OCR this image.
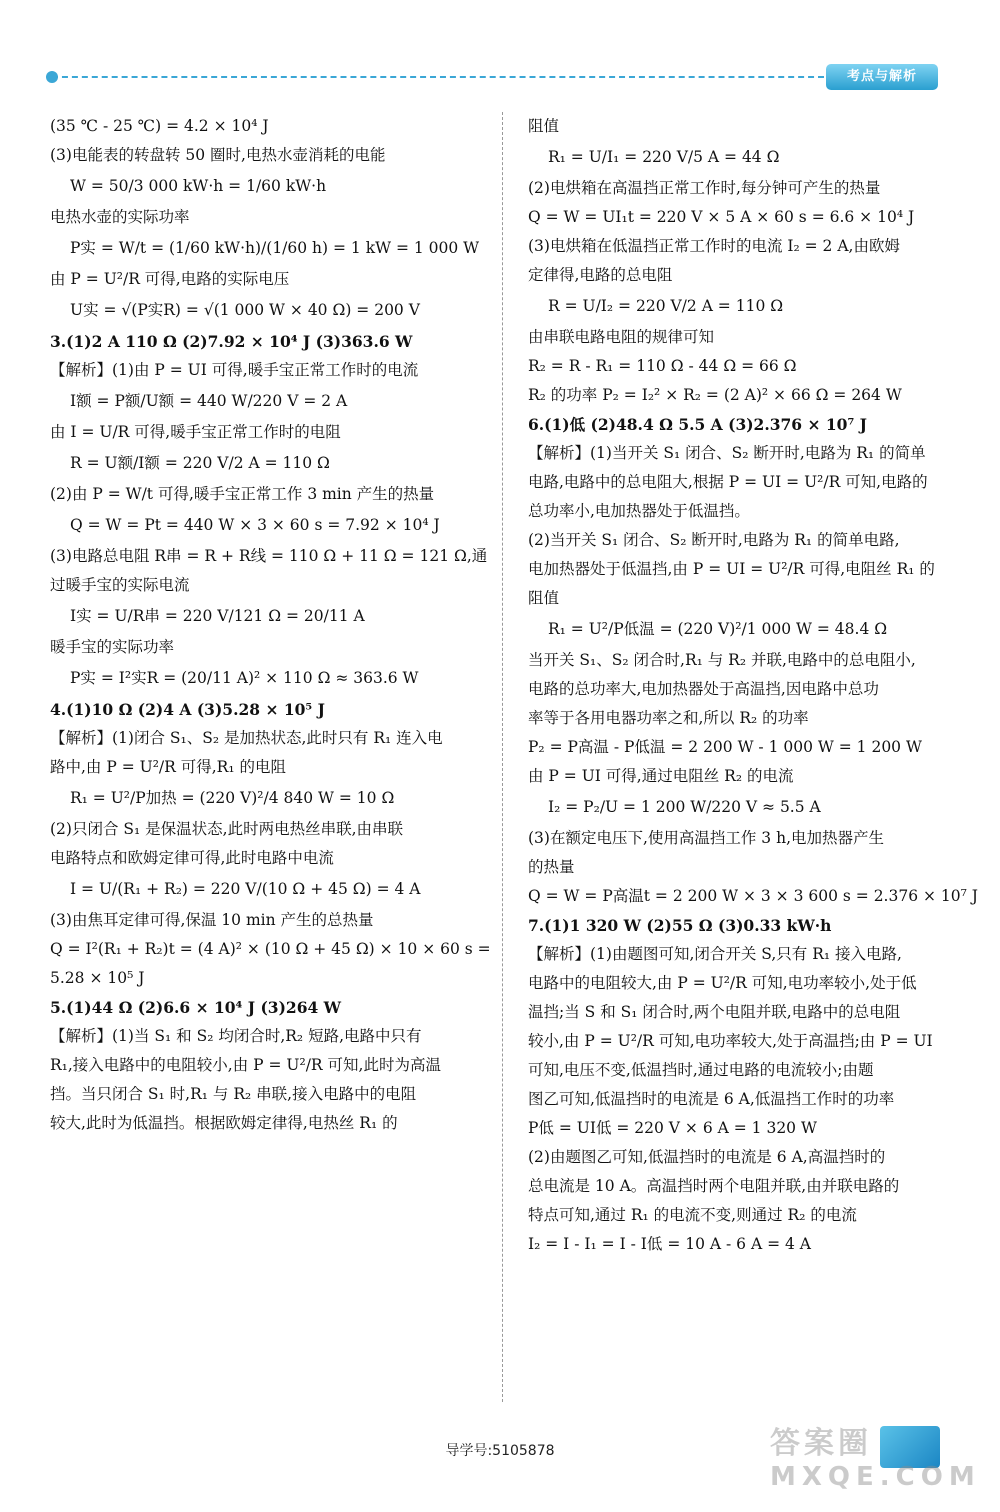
考点与解析
(35 ℃ - 25 ℃) = 4.2 × 10⁴ J
(3)电能表的转盘转 50 圈时,电热水壶消耗的电能
W = 50/3 000 kW·h = 1/60 kW·h
电热水壶的实际功率
P实 = W/t = (1/60 kW·h)/(1/60 h) = 1 kW = 1 000 W
由 P = U²/R 可得,电路的实际电压
U实 = √(P实R) = √(1 000 W × 40 Ω) = 200 V
3.(1)2 A 110 Ω (2)7.92 × 10⁴ J (3)363.6 W
【解析】(1)由 P = UI 可得,暖手宝正常工作时的电流
I额 = P额/U额 = 440 W/220 V = 2 A
由 I = U/R 可得,暖手宝正常工作时的电阻
R = U额/I额 = 220 V/2 A = 110 Ω
(2)由 P = W/t 可得,暖手宝正常工作 3 min 产生的热量
Q = W = Pt = 440 W × 3 × 60 s = 7.92 × 10⁴ J
(3)电路总电阻 R串 = R + R线 = 110 Ω + 11 Ω = 121 Ω,通
过暖手宝的实际电流
I实 = U/R串 = 220 V/121 Ω = 20/11 A
暖手宝的实际功率
P实 = I²实R = (20/11 A)² × 110 Ω ≈ 363.6 W
4.(1)10 Ω (2)4 A (3)5.28 × 10⁵ J
【解析】(1)闭合 S₁、S₂ 是加热状态,此时只有 R₁ 连入电
路中,由 P = U²/R 可得,R₁ 的电阻
R₁ = U²/P加热 = (220 V)²/4 840 W = 10 Ω
(2)只闭合 S₁ 是保温状态,此时两电热丝串联,由串联
电路特点和欧姆定律可得,此时电路中电流
I = U/(R₁ + R₂) = 220 V/(10 Ω + 45 Ω) = 4 A
(3)由焦耳定律可得,保温 10 min 产生的总热量
Q = I²(R₁ + R₂)t = (4 A)² × (10 Ω + 45 Ω) × 10 × 60 s =
5.28 × 10⁵ J
5.(1)44 Ω (2)6.6 × 10⁴ J (3)264 W
【解析】(1)当 S₁ 和 S₂ 均闭合时,R₂ 短路,电路中只有
R₁,接入电路中的电阻较小,由 P = U²/R 可知,此时为高温
挡。当只闭合 S₁ 时,R₁ 与 R₂ 串联,接入电路中的电阻
较大,此时为低温挡。根据欧姆定律得,电热丝 R₁ 的
阻值
R₁ = U/I₁ = 220 V/5 A = 44 Ω
(2)电烘箱在高温挡正常工作时,每分钟可产生的热量
Q = W = UI₁t = 220 V × 5 A × 60 s = 6.6 × 10⁴ J
(3)电烘箱在低温挡正常工作时的电流 I₂ = 2 A,由欧姆
定律得,电路的总电阻
R = U/I₂ = 220 V/2 A = 110 Ω
由串联电路电阻的规律可知
R₂ = R - R₁ = 110 Ω - 44 Ω = 66 Ω
R₂ 的功率 P₂ = I₂² × R₂ = (2 A)² × 66 Ω = 264 W
6.(1)低 (2)48.4 Ω 5.5 A (3)2.376 × 10⁷ J
【解析】(1)当开关 S₁ 闭合、S₂ 断开时,电路为 R₁ 的简单
电路,电路中的总电阻大,根据 P = UI = U²/R 可知,电路的
总功率小,电加热器处于低温挡。
(2)当开关 S₁ 闭合、S₂ 断开时,电路为 R₁ 的简单电路,
电加热器处于低温挡,由 P = UI = U²/R 可得,电阻丝 R₁ 的
阻值
R₁ = U²/P低温 = (220 V)²/1 000 W = 48.4 Ω
当开关 S₁、S₂ 闭合时,R₁ 与 R₂ 并联,电路中的总电阻小,
电路的总功率大,电加热器处于高温挡,因电路中总功
率等于各用电器功率之和,所以 R₂ 的功率
P₂ = P高温 - P低温 = 2 200 W - 1 000 W = 1 200 W
由 P = UI 可得,通过电阻丝 R₂ 的电流
I₂ = P₂/U = 1 200 W/220 V ≈ 5.5 A
(3)在额定电压下,使用高温挡工作 3 h,电加热器产生
的热量
Q = W = P高温t = 2 200 W × 3 × 3 600 s = 2.376 × 10⁷ J
7.(1)1 320 W (2)55 Ω (3)0.33 kW·h
【解析】(1)由题图可知,闭合开关 S,只有 R₁ 接入电路,
电路中的电阻较大,由 P = U²/R 可知,电功率较小,处于低
温挡;当 S 和 S₁ 闭合时,两个电阻并联,电路中的总电阻
较小,由 P = U²/R 可知,电功率较大,处于高温挡;由 P = UI
可知,电压不变,低温挡时,通过电路的电流较小;由题
图乙可知,低温挡时的电流是 6 A,低温挡工作时的功率
P低 = UI低 = 220 V × 6 A = 1 320 W
(2)由题图乙可知,低温挡时的电流是 6 A,高温挡时的
总电流是 10 A。高温挡时两个电阻并联,由并联电路的
特点可知,通过 R₁ 的电流不变,则通过 R₂ 的电流
I₂ = I - I₁ = I - I低 = 10 A - 6 A = 4 A
导学号:5105878	答案圈
MXQE.COM
